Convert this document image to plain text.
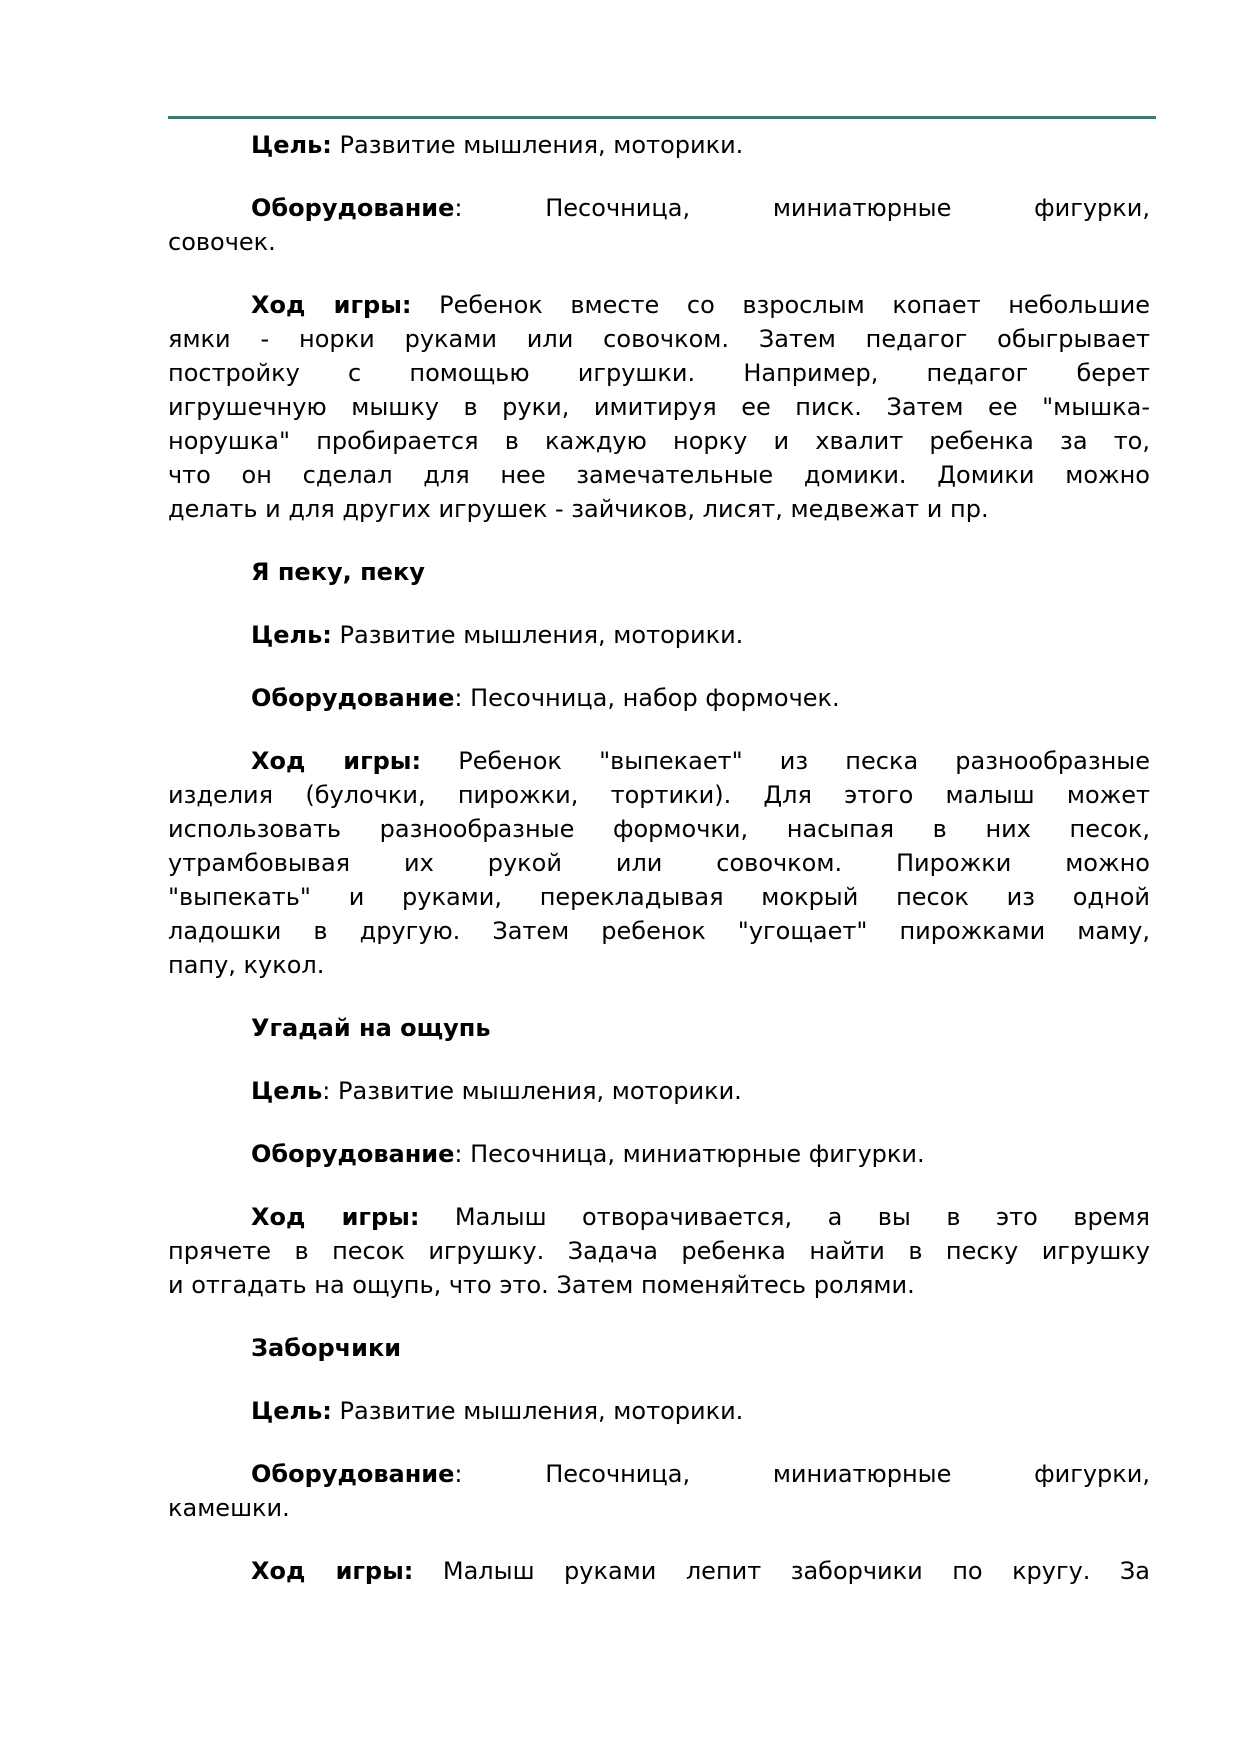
Цель: Развитие мышления, моторики.
Оборудование: Песочница, миниатюрные фигурки,
совочек.
Ход игры: Ребенок вместе со взрослым копает небольшие
ямки - норки руками или совочком. Затем педагог обыгрывает
постройку с помощью игрушки. Например, педагог берет
игрушечную мышку в руки, имитируя ее писк. Затем ее "мышка-
норушка" пробирается в каждую норку и хвалит ребенка за то,
что он сделал для нее замечательные домики. Домики можно
делать и для других игрушек - зайчиков, лисят, медвежат и пр.
Я пеку, пеку
Цель: Развитие мышления, моторики.
Оборудование: Песочница, набор формочек.
Ход игры: Ребенок "выпекает" из песка разнообразные
изделия (булочки, пирожки, тортики). Для этого малыш может
использовать разнообразные формочки, насыпая в них песок,
утрамбовывая их рукой или совочком. Пирожки можно
"выпекать" и руками, перекладывая мокрый песок из одной
ладошки в другую. Затем ребенок "угощает" пирожками маму,
папу, кукол.
Угадай на ощупь
Цель: Развитие мышления, моторики.
Оборудование: Песочница, миниатюрные фигурки.
Ход игры: Малыш отворачивается, а вы в это время
прячете в песок игрушку. Задача ребенка найти в песку игрушку
и отгадать на ощупь, что это. Затем поменяйтесь ролями.
Заборчики
Цель: Развитие мышления, моторики.
Оборудование: Песочница, миниатюрные фигурки,
камешки.
Ход игры: Малыш руками лепит заборчики по кругу. За
